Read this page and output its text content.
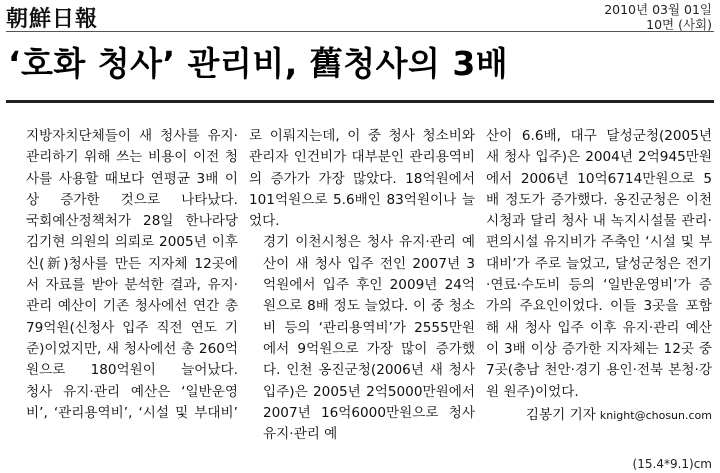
朝鮮日報	2010년 03월 01일
10면 (사회)
‘호화 청사’ 관리비, 舊청사의 3배

지방자치단체들이 새 청사를 유지·관리하기 위해 쓰는 비용이 이전 청사를 사용할 때보다 연평균 3배 이상 증가한 것으로 나타났다.

국회예산정책처가 28일 한나라당 김기현 의원의 의뢰로 2005년 이후 신(新)청사를 만든 지자체 12곳에서 자료를 받아 분석한 결과, 유지·관리 예산이 기존 청사에선 연간 총 79억원(신청사 입주 직전 연도 기준)이었지만, 새 청사에선 총 260억원으로 180억원이 늘어났다.

청사 유지·관리 예산은 ‘일반운영비’, ‘관리용역비’, ‘시설 및 부대비’

로 이뤄지는데, 이 중 청사 청소비와 관리자 인건비가 대부분인 관리용역비의 증가가 가장 많았다. 18억원에서 101억원으로 5.6배인 83억원이나 늘었다.

경기 이천시청은 청사 유지·관리 예산이 새 청사 입주 전인 2007년 3억원에서 입주 후인 2009년 24억원으로 8배 정도 늘었다. 이 중 청소비 등의 ‘관리용역비’가 2555만원에서 9억원으로 가장 많이 증가했다. 인천 옹진군청(2006년 새 청사 입주)은 2005년 2억5000만원에서 2007년 16억6000만원으로 청사 유지·관리 예

산이 6.6배, 대구 달성군청(2005년 새 청사 입주)은 2004년 2억945만원에서 2006년 10억6714만원으로 5배 정도가 증가했다. 옹진군청은 이천시청과 달리 청사 내 녹지시설물 관리·편의시설 유지비가 주축인 ‘시설 및 부대비’가 주로 늘었고, 달성군청은 전기·연료·수도비 등의 ‘일반운영비’가 증가의 주요인이었다. 이들 3곳을 포함해 새 청사 입주 이후 유지·관리 예산이 3배 이상 증가한 지자체는 12곳 중 7곳(충남 천안·경기 용인·전북 본청·강원 원주)이었다.

김봉기 기자 knight@chosun.com
(15.4*9.1)cm
